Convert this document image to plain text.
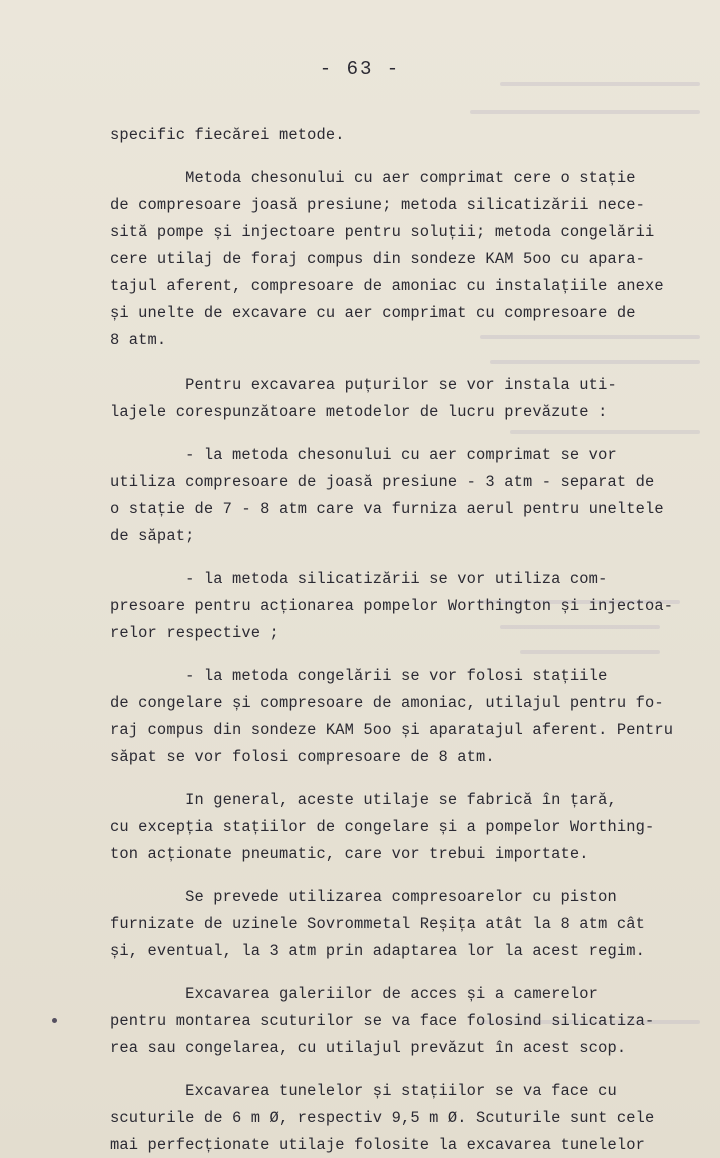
- 63 -
specific fiecărei metode.
Metoda chesonului cu aer comprimat cere o stație
de compresoare joasă presiune; metoda silicatizării nece-
sită pompe și injectoare pentru soluții; metoda congelării
cere utilaj de foraj compus din sondeze KAM 5oo cu apara-
tajul aferent, compresoare de amoniac cu instalațiile anexe
și unelte de excavare cu aer comprimat cu compresoare de
8 atm.
Pentru excavarea puțurilor se vor instala uti-
lajele corespunzătoare metodelor de lucru prevăzute :
- la metoda chesonului cu aer comprimat se vor
utiliza compresoare de joasă presiune - 3 atm - separat de
o stație de 7 - 8 atm care va furniza aerul pentru uneltele
de săpat;
- la metoda silicatizării se vor utiliza com-
presoare pentru acționarea pompelor Worthington și injectoa-
relor respective ;
- la metoda congelării se vor folosi stațiile
de congelare și compresoare de amoniac, utilajul pentru fo-
raj compus din sondeze KAM 5oo și aparatajul aferent. Pentru
săpat se vor folosi compresoare de 8 atm.
In general, aceste utilaje se fabrică în țară,
cu excepția stațiilor de congelare și a pompelor Worthing-
ton acționate pneumatic, care vor trebui importate.
Se prevede utilizarea compresoarelor cu piston
furnizate de uzinele Sovrommetal Reșița atât la 8 atm cât
și, eventual, la 3 atm prin adaptarea lor la acest regim.
Excavarea galeriilor de acces și a camerelor
pentru montarea scuturilor se va face folosind silicatiza-
rea sau congelarea, cu utilajul prevăzut în acest scop.
Excavarea tunelelor și stațiilor se va face cu
scuturile de 6 m Ø, respectiv 9,5 m Ø. Scuturile sunt cele
mai perfecționate utilaje folosite la excavarea tunelelor
